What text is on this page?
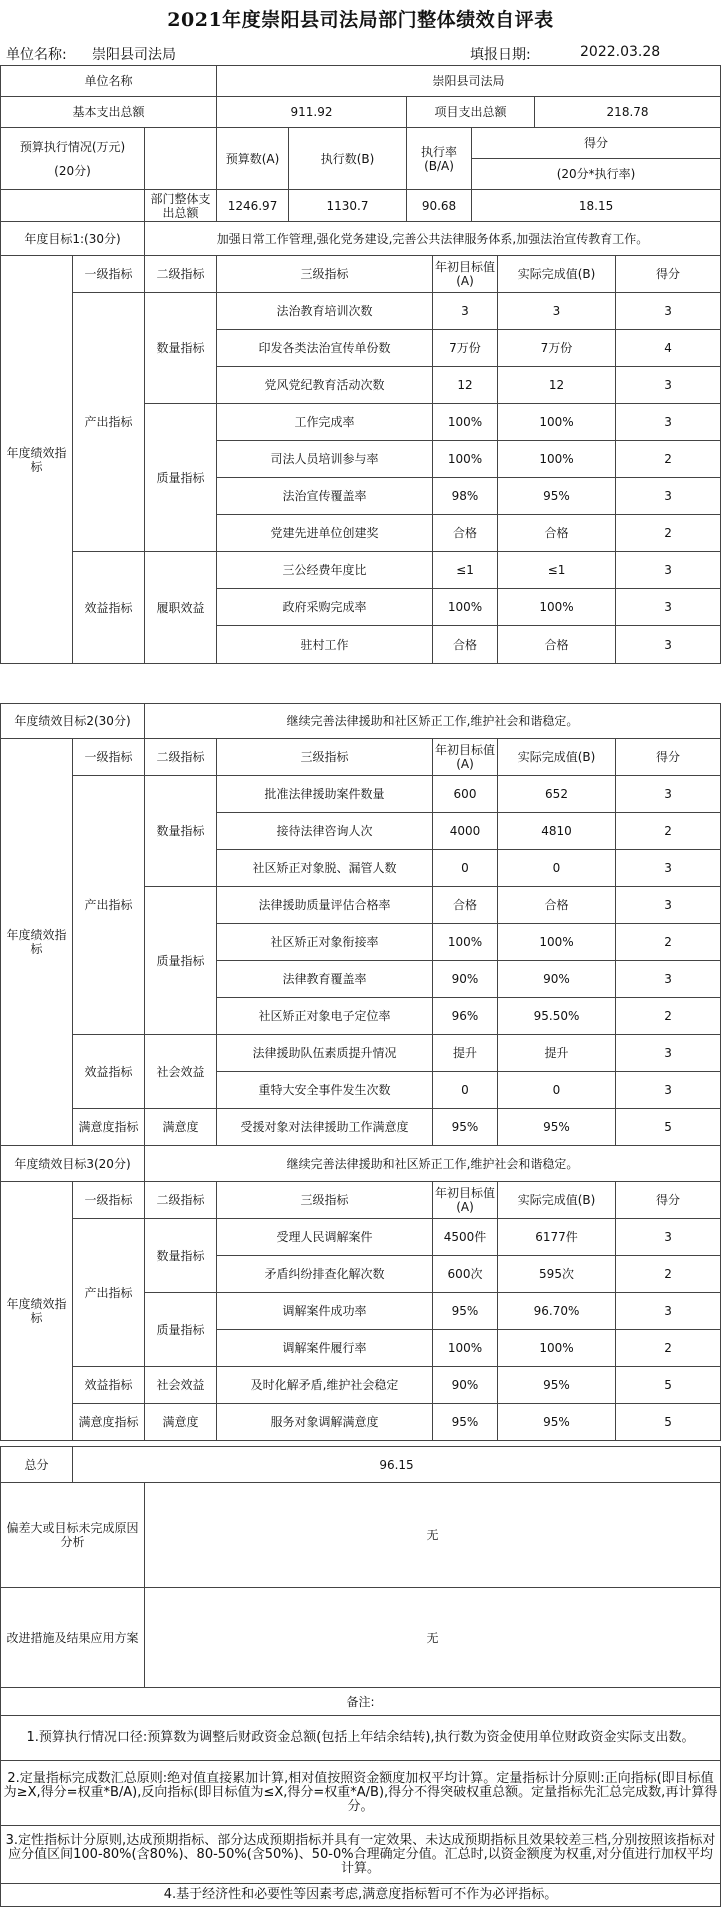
2021年度崇阳县司法局部门整体绩效自评表
单位名称: 崇阳县司法局	填报日期:	2022.03.28
单位名称		崇阳县司法局				
基本支出总额		911.92		项目支出总额		218.78

预算执行情况(万元)
(20分)		预算数(A)	执行数(B)	执行率(B/A)	得分	
					(20分*执行率)	
	部门整体支出总额	1246.97	1130.7	90.68	18.15	
年度目标1:(30分)		加强日常工作管理,强化党务建设,完善公共法律服务体系,加强法治宣传教育工作。				
年度绩效指标	一级指标	二级指标	三级指标	年初目标值(A)	实际完成值(B)	得分
	产出指标	数量指标	法治教育培训次数	3	3	3
			印发各类法治宣传单份数	7万份	7万份	4
			党风党纪教育活动次数	12	12	3
		质量指标	工作完成率	100%	100%	3
			司法人员培训参与率	100%	100%	2
			法治宣传覆盖率	98%	95%	3
			党建先进单位创建奖	合格	合格	2
	效益指标	履职效益	三公经费年度比	≤1	≤1	3
			政府采购完成率	100%	100%	3
			驻村工作	合格	合格	3
年度绩效目标2(30分)		继续完善法律援助和社区矫正工作,维护社会和谐稳定。				
年度绩效指标	一级指标	二级指标	三级指标	年初目标值(A)	实际完成值(B)	得分
	产出指标	数量指标	批准法律援助案件数量	600	652	3
			接待法律咨询人次	4000	4810	2
			社区矫正对象脱、漏管人数	0	0	3
		质量指标	法律援助质量评估合格率	合格	合格	3
			社区矫正对象衔接率	100%	100%	2
			法律教育覆盖率	90%	90%	3
			社区矫正对象电子定位率	96%	95.50%	2
	效益指标	社会效益	法律援助队伍素质提升情况	提升	提升	3
			重特大安全事件发生次数	0	0	3
	满意度指标	满意度	受援对象对法律援助工作满意度	95%	95%	5
年度绩效目标3(20分)		继续完善法律援助和社区矫正工作,维护社会和谐稳定。				
年度绩效指标	一级指标	二级指标	三级指标	年初目标值(A)	实际完成值(B)	得分
	产出指标	数量指标	受理人民调解案件	4500件	6177件	3
			矛盾纠纷排查化解次数	600次	595次	2
		质量指标	调解案件成功率	95%	96.70%	3
			调解案件履行率	100%	100%	2
	效益指标	社会效益	及时化解矛盾,维护社会稳定	90%	95%	5
	满意度指标	满意度	服务对象调解满意度	95%	95%	5
总分	96.15	
偏差大或目标未完成原因分析		无
改进措施及结果应用方案		无
备注:
1.预算执行情况口径:预算数为调整后财政资金总额(包括上年结余结转),执行数为资金使用单位财政资金实际支出数。
2.定量指标完成数汇总原则:绝对值直接累加计算,相对值按照资金额度加权平均计算。定量指标计分原则:正向指标(即目标值为≥X,得分=权重*B/A),反向指标(即目标值为≤X,得分=权重*A/B),得分不得突破权重总额。定量指标先汇总完成数,再计算得分。
3.定性指标计分原则,达成预期指标、部分达成预期指标并具有一定效果、未达成预期指标且效果较差三档,分别按照该指标对应分值区间100-80%(含80%)、80-50%(含50%)、50-0%合理确定分值。汇总时,以资金额度为权重,对分值进行加权平均计算。
4.基于经济性和必要性等因素考虑,满意度指标暂可不作为必评指标。
